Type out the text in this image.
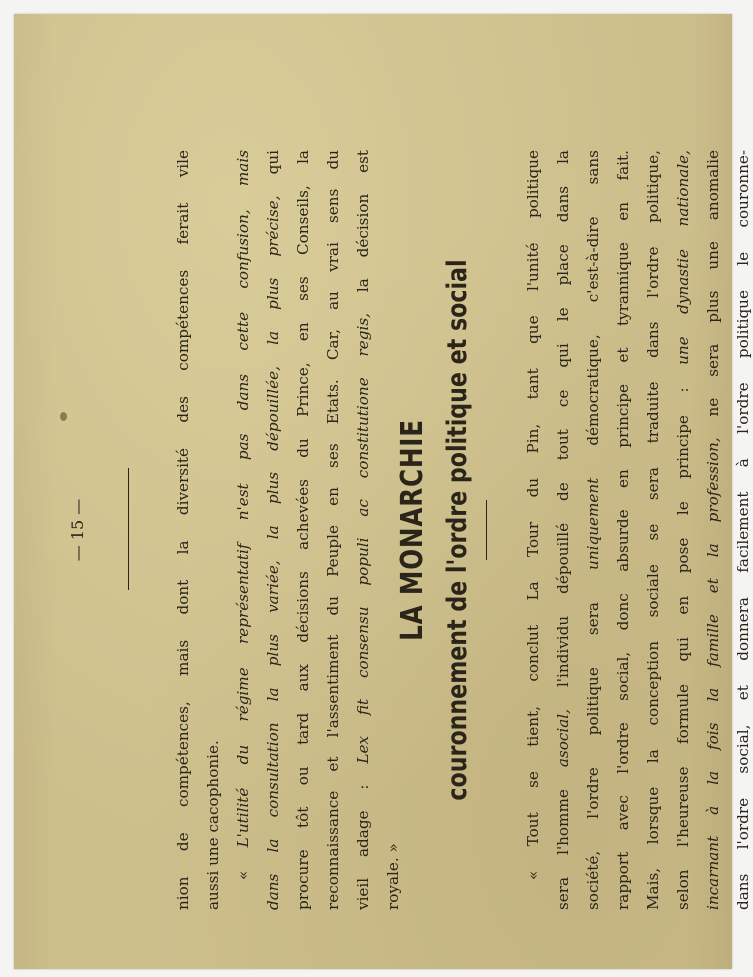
nion de compétences, mais dont la diversité des compétences ferait vile aussi une cacophonie. « L'utilité du régime représentatif n'est pas dans cette confusion, mais dans la consultation la plus variée, la plus dépouillée, la plus précise, qui procure tôt ou tard aux décisions achevées du Prince, en ses Conseils, la reconnaissance et l'assentiment du Peuple en ses Etats. Car, au vrai sens du vieil adage : Lex fit consensu populi ac constitutione regis, la décision est
royale. »
— 15 —	LA MONARCHIE couronnement de l'ordre politique et social	« Tout se tient, conclut La Tour du Pin, tant que l'unité politique sera l'homme asocial, l'individu dépouillé de tout ce qui le place dans la
société, l'ordre politique sera uniquement démocratique, c'est-à-dire sans rapport avec l'ordre social, donc absurde en principe et tyrannique en fait. Mais, lorsque la conception sociale se sera traduite dans l'ordre politique, selon l'heureuse formule qui en pose le principe : une dynastie nationale,
incarnant à la fois la famille et la profession, ne sera plus une anomalie dans l'ordre social, et donnera facilement à l'ordre politique le couronne-
